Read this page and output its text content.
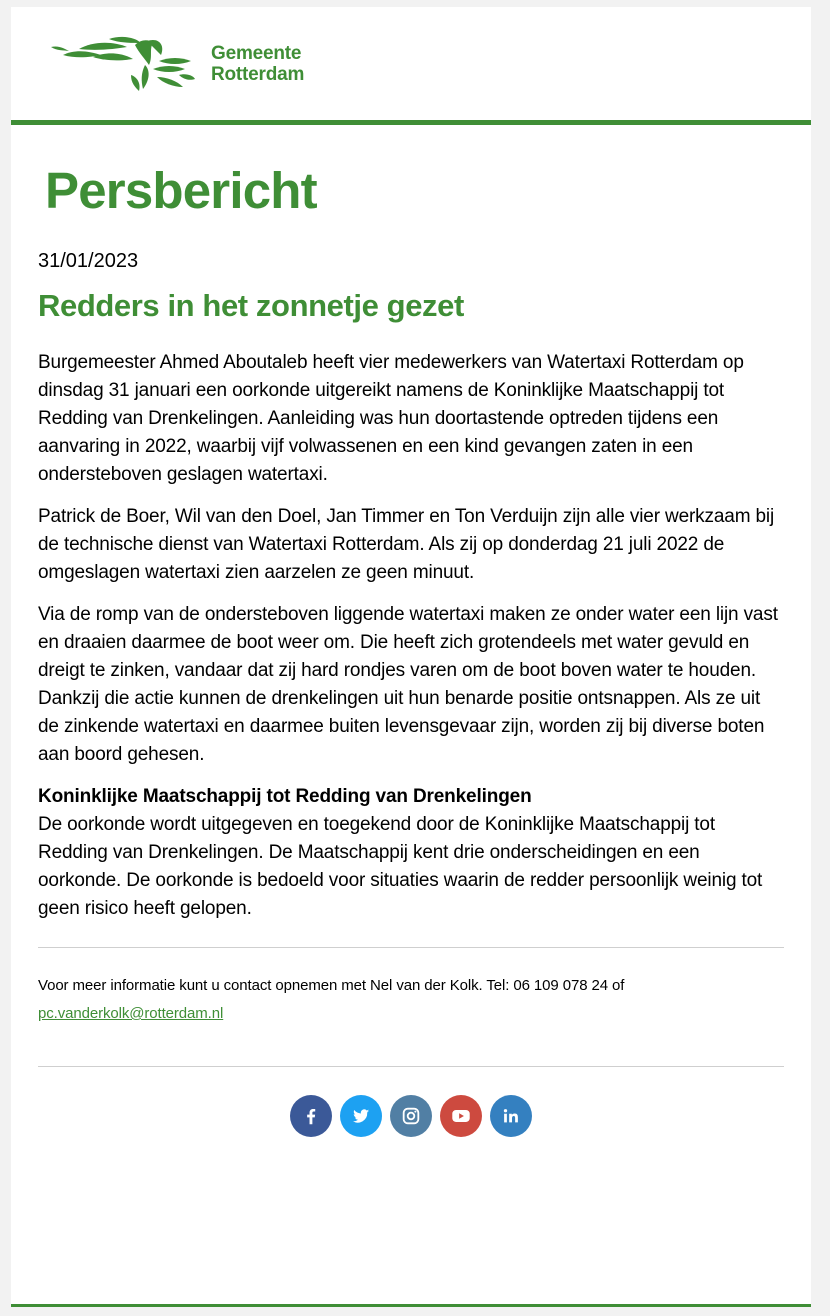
Gemeente
Rotterdam
Persbericht
31/01/2023
Redders in het zonnetje gezet

Burgemeester Ahmed Aboutaleb heeft vier medewerkers van Watertaxi Rotterdam op dinsdag 31 januari een oorkonde uitgereikt namens de Koninklijke Maatschappij tot Redding van Drenkelingen. Aanleiding was hun doortastende optreden tijdens een aanvaring in 2022, waarbij vijf volwassenen en een kind gevangen zaten in een ondersteboven geslagen watertaxi.

Patrick de Boer, Wil van den Doel, Jan Timmer en Ton Verduijn zijn alle vier werkzaam bij de technische dienst van Watertaxi Rotterdam. Als zij op donderdag 21 juli 2022 de omgeslagen watertaxi zien aarzelen ze geen minuut.

Via de romp van de ondersteboven liggende watertaxi maken ze onder water een lijn vast en draaien daarmee de boot weer om. Die heeft zich grotendeels met water gevuld en dreigt te zinken, vandaar dat zij hard rondjes varen om de boot boven water te houden. Dankzij die actie kunnen de drenkelingen uit hun benarde positie ontsnappen. Als ze uit de zinkende watertaxi en daarmee buiten levensgevaar zijn, worden zij bij diverse boten aan boord gehesen.

Koninklijke Maatschappij tot Redding van Drenkelingen

De oorkonde wordt uitgegeven en toegekend door de Koninklijke Maatschappij tot Redding van Drenkelingen. De Maatschappij kent drie onderscheidingen en een oorkonde. De oorkonde is bedoeld voor situaties waarin de redder persoonlijk weinig tot geen risico heeft gelopen.

Voor meer informatie kunt u contact opnemen met Nel van der Kolk. Tel: 06 109 078 24 of
pc.vanderkolk@rotterdam.nl
